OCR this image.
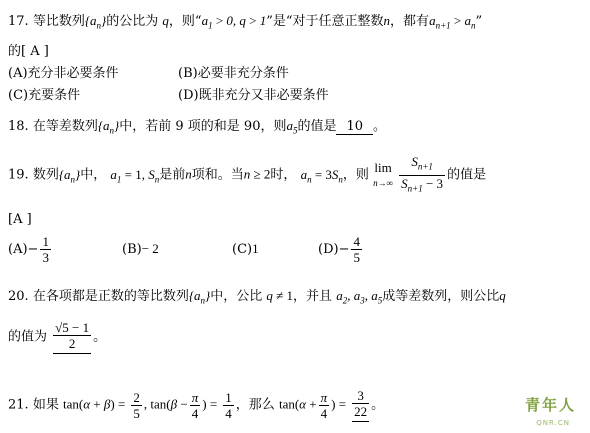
17. 等比数列$\{a_n\}$的公比为 q，则“$a_1 > 0$, q > 1”是“对于任意正整数n，都有$a_{n+1} > a_n$”
的[ A ]
(A)充分非必要条件	(B)必要非充分条件
(C)充要条件	(D)既非充分又非必要条件
18. 在等差数列$\{a_n\}$中，若前 9 项的和是 90，则$a_5$的值是 10 。
19. 数列$\{a_n\}$中， $a_1 = 1$, $S_n$是前n项和。当n ≥ 2时， $a_n = 3S_n$，则 lim
n→∞
$\frac{S_{n+1}}{S_{n+1} - 3}$ 的值是
[A ]
$(A)- \frac{1}{3}$	(B)− 2	(C)1	$(D)- \frac{4}{5}$
20. 在各项都是正数的等比数列$\{a_n\}$中，公比 q ≠ 1，并且 $a_2$, $a_3$, $a_5$成等差数列，则公比q
的值为 $\frac{√5 - 1}{2}$ 。
21. 如果 $\tan(\alpha + \beta) = \frac{2}{5}$ , $\tan(\beta - \frac{\pi}{4}$ ) = $\frac{1}{4}$ ，那么 $\tan(\alpha + \frac{\pi}{4}$ ) = $\frac{3}{22}$ 。	青年人
QNR.CN
